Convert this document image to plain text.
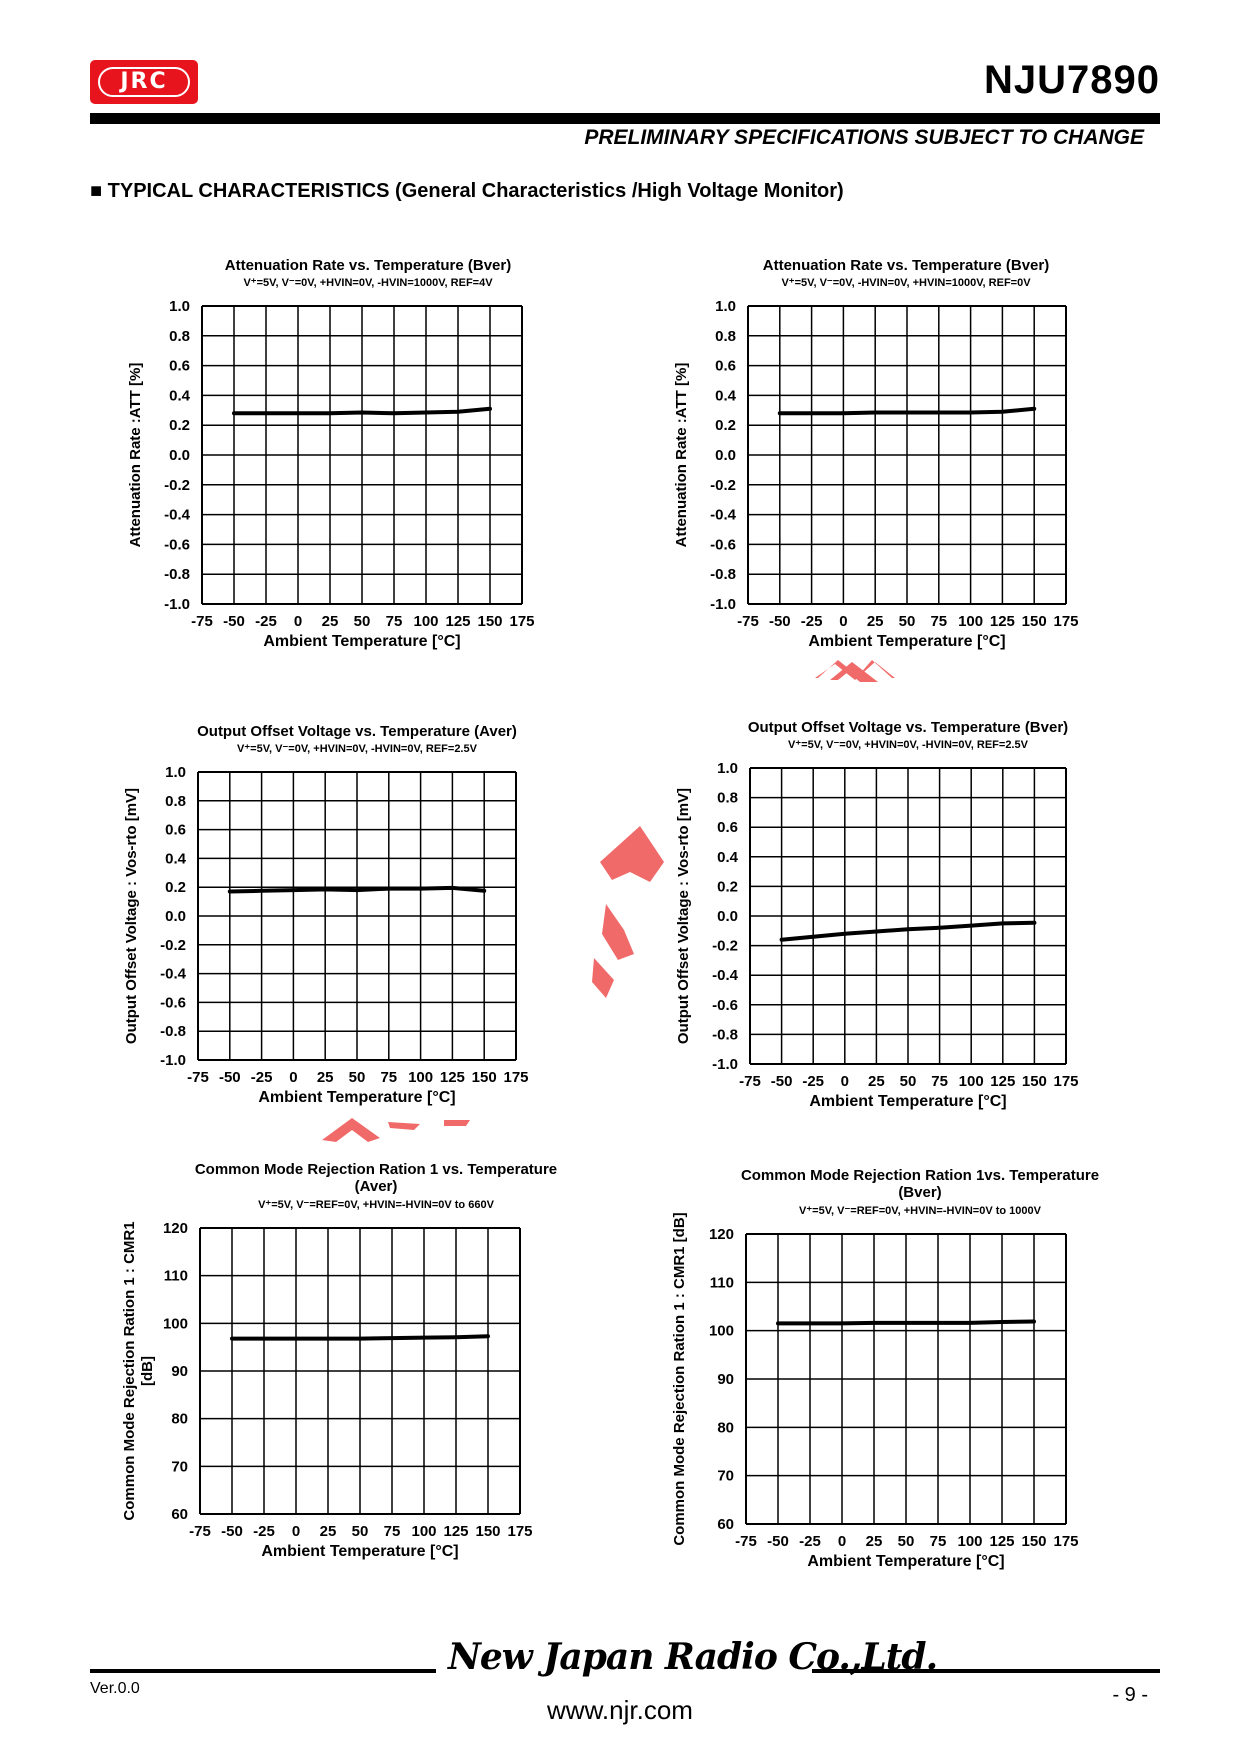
JRC	NJU7890
PRELIMINARY SPECIFICATIONS SUBJECT TO CHANGE
■ TYPICAL CHARACTERISTICS (General Characteristics /High Voltage Monitor)
Attenuation Rate vs. Temperature (Bver)
V⁺=5V, V⁻=0V, +HVIN=0V, -HVIN=1000V, REF=4V
-75 -50 -25 0 25 50 75 100 125 150 175
1.0
0.8
0.6
0.4
0.2
0.0
-0.2
-0.4
-0.6
-0.8
-1.0
Ambient Temperature [°C]
Attenuation Rate :ATT [%]
Attenuation Rate vs. Temperature (Bver)
V⁺=5V, V⁻=0V, -HVIN=0V, +HVIN=1000V, REF=0V
-75 -50 -25 0 25 50 75 100 125 150 175
1.0
0.8
0.6
0.4
0.2
0.0
-0.2
-0.4
-0.6
-0.8
-1.0
Ambient Temperature [°C]
Attenuation Rate :ATT [%]
Output Offset Voltage vs. Temperature (Aver)
V⁺=5V, V⁻=0V, +HVIN=0V, -HVIN=0V, REF=2.5V
-75 -50 -25 0 25 50 75 100 125 150 175
1.0
0.8
0.6
0.4
0.2
0.0
-0.2
-0.4
-0.6
-0.8
-1.0
Ambient Temperature [°C]
Output Offset Voltage : Vos-rto [mV]
Output Offset Voltage vs. Temperature (Bver)
V⁺=5V, V⁻=0V, +HVIN=0V, -HVIN=0V, REF=2.5V
-75 -50 -25 0 25 50 75 100 125 150 175
1.0
0.8
0.6
0.4
0.2
0.0
-0.2
-0.4
-0.6
-0.8
-1.0
Ambient Temperature [°C]
Output Offset Voltage : Vos-rto [mV]
Common Mode Rejection Ration 1 vs. Temperature
(Aver)
V⁺=5V, V⁻=REF=0V, +HVIN=-HVIN=0V to 660V
-75 -50 -25 0 25 50 75 100 125 150 175
120
110
100
90
80
70
60
Ambient Temperature [°C]
Common Mode Rejection Ration 1 : CMR1 [dB]
Common Mode Rejection Ration 1vs. Temperature
(Bver)
V⁺=5V, V⁻=REF=0V, +HVIN=-HVIN=0V to 1000V
-75 -50 -25 0 25 50 75 100 125 150 175
120
110
100
90
80
70
60
Ambient Temperature [°C]
Common Mode Rejection Ration 1 : CMR1 [dB]
New Japan Radio Co.,Ltd.
Ver.0.0	- 9 -
www.njr.com
